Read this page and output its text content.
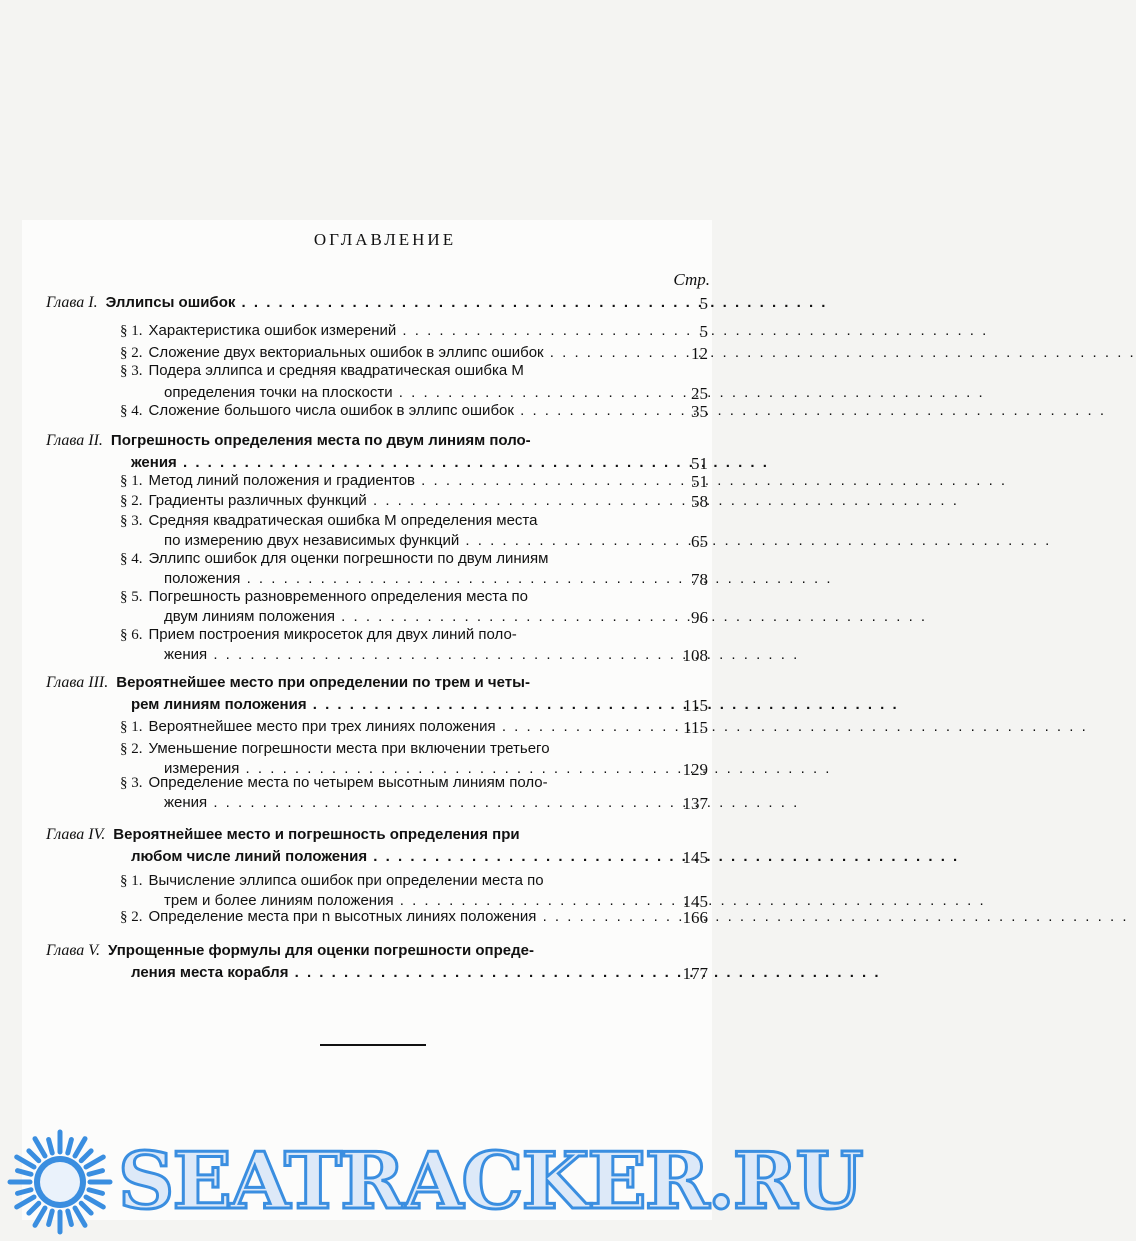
ОГЛАВЛЕНИЕ
Стр.
Глава I. Эллипсы ошибок . . .	5
§ 1. Характеристика ошибок измерений . . .	5
§ 2. Сложение двух векториальных ошибок в эллипс ошибок . . .	12
§ 3. Подера эллипса и средняя квадратическая ошибка M
определения точки на плоскости . . .	25
§ 4. Сложение большого числа ошибок в эллипс ошибок . . .	35
Глава II. Погрешность определения места по двум линиям поло-
жения . . .	51
§ 1. Метод линий положения и градиентов . . .	51
§ 2. Градиенты различных функций . . .	58
§ 3. Средняя квадратическая ошибка M определения места
по измерению двух независимых функций . . .	65
§ 4. Эллипс ошибок для оценки погрешности по двум линиям
положения . . .	78
§ 5. Погрешность разновременного определения места по
двум линиям положения . . .	96
§ 6. Прием построения микросеток для двух линий поло-
жения . . .	108
Глава III. Вероятнейшее место при определении по трем и четы-
рем линиям положения . . .	115
§ 1. Вероятнейшее место при трех линиях положения . . .	115
§ 2. Уменьшение погрешности места при включении третьего
измерения . . .	129
§ 3. Определение места по четырем высотным линиям поло-
жения . . .	137
Глава IV. Вероятнейшее место и погрешность определения при
любом числе линий положения . . .	145
§ 1. Вычисление эллипса ошибок при определении места по
трем и более линиям положения . . .	145
§ 2. Определение места при n высотных линиях положения . . .	166
Глава V. Упрощенные формулы для оценки погрешности опреде-
ления места корабля . . .	177
SEATRACKER.RU
